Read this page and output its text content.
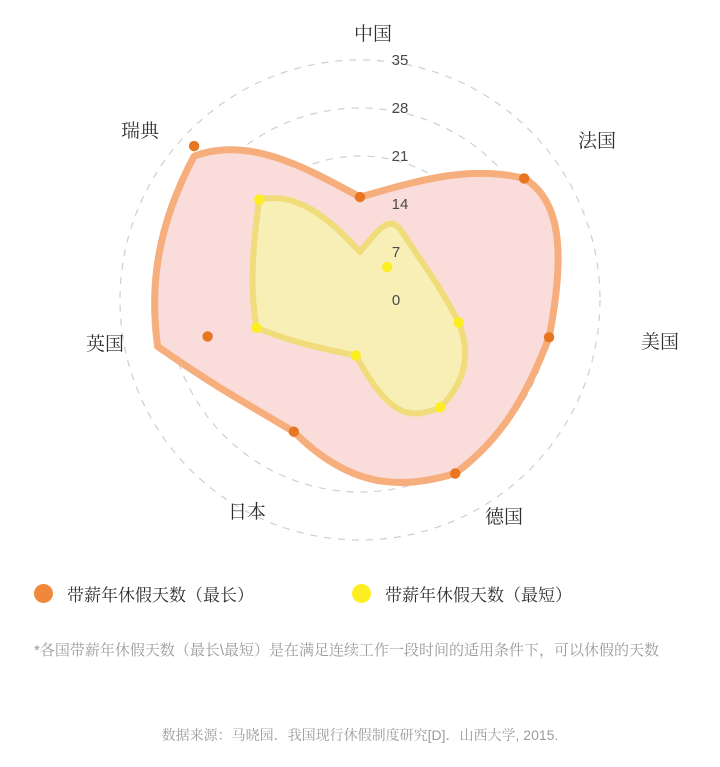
0
7
14
21
28
35
中国
法国
美国
德国
日本
英国
瑞典
带薪年休假天数（最长）	带薪年休假天数（最短）
*各国带薪年休假天数（最长\最短）是在满足连续工作一段时间的适用条件下，可以休假的天数
数据来源：马晓园．我国现行休假制度研究[D]．山西大学, 2015.
